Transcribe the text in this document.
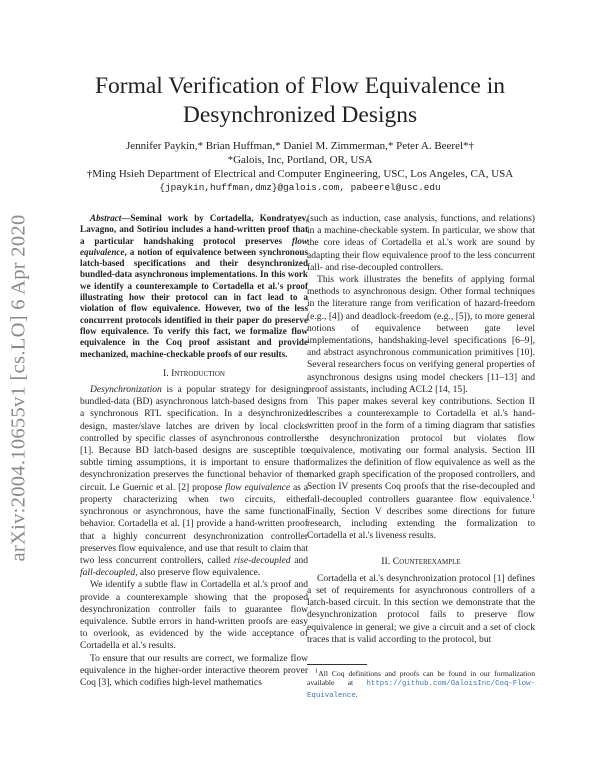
arXiv:2004.10655v1 [cs.LO] 6 Apr 2020
Formal Verification of Flow Equivalence in
Desynchronized Designs
Jennifer Paykin,* Brian Huffman,* Daniel M. Zimmerman,* Peter A. Beerel*†
*Galois, Inc, Portland, OR, USA
†Ming Hsieh Department of Electrical and Computer Engineering, USC, Los Angeles, CA, USA
{jpaykin,huffman,dmz}@galois.com, pabeerel@usc.edu

Abstract—Seminal work by Cortadella, Kondratyev, Lavagno, and Sotiriou includes a hand-written proof that a particular handshaking protocol preserves flow equivalence, a notion of equivalence between synchronous latch-based specifications and their desynchronized bundled-data asynchronous implementations. In this work we identify a counterexample to Cortadella et al.'s proof illustrating how their protocol can in fact lead to a violation of flow equivalence. However, two of the less concurrent protocols identified in their paper do preserve flow equivalence. To verify this fact, we formalize flow equivalence in the Coq proof assistant and provide mechanized, machine-checkable proofs of our results.

I. Introduction

Desynchronization is a popular strategy for designing bundled-data (BD) asynchronous latch-based designs from a synchronous RTL specification. In a desynchronized design, master/slave latches are driven by local clocks controlled by specific classes of asynchronous controllers [1]. Because BD latch-based designs are susceptible to subtle timing assumptions, it is important to ensure that desynchronization preserves the functional behavior of the circuit. Le Guernic et al. [2] propose flow equivalence as a property characterizing when two circuits, either synchronous or asynchronous, have the same functional behavior. Cortadella et al. [1] provide a hand-written proof that a highly concurrent desynchronization controller preserves flow equivalence, and use that result to claim that two less concurrent controllers, called rise-decoupled and fall-decoupled, also preserve flow equivalence.

We identify a subtle flaw in Cortadella et al.'s proof and provide a counterexample showing that the proposed desynchronization controller fails to guarantee flow equivalence. Subtle errors in hand-written proofs are easy to overlook, as evidenced by the wide acceptance of Cortadella et al.'s results.

To ensure that our results are correct, we formalize flow equivalence in the higher-order interactive theorem prover Coq [3], which codifies high-level mathematics

(such as induction, case analysis, functions, and relations) in a machine-checkable system. In particular, we show that the core ideas of Cortadella et al.'s work are sound by adapting their flow equivalence proof to the less concurrent fall- and rise-decoupled controllers.

This work illustrates the benefits of applying formal methods to asynchronous design. Other formal techniques in the literature range from verification of hazard-freedom (e.g., [4]) and deadlock-freedom (e.g., [5]), to more general notions of equivalence between gate level implementations, handshaking-level specifications [6–9], and abstract asynchronous communication primitives [10]. Several researchers focus on verifying general properties of asynchronous designs using model checkers [11–13] and proof assistants, including ACL2 [14, 15].

This paper makes several key contributions. Section II describes a counterexample to Cortadella et al.'s hand-written proof in the form of a timing diagram that satisfies the desynchronization protocol but violates flow equivalence, motivating our formal analysis. Section III formalizes the definition of flow equivalence as well as the marked graph specification of the proposed controllers, and Section IV presents Coq proofs that the rise-decoupled and fall-decoupled controllers guarantee flow equivalence.$^1$ Finally, Section V describes some directions for future research, including extending the formalization to Cortadella et al.'s liveness results.

II. Counterexample

Cortadella et al.'s desynchronization protocol [1] defines a set of requirements for asynchronous controllers of a latch-based circuit. In this section we demonstrate that the desynchronization protocol fails to preserve flow equivalence in general; we give a circuit and a set of clock traces that is valid according to the protocol, but

$^1$All Coq definitions and proofs can be found in our formalization available at https://github.com/GaloisInc/Coq-Flow-Equivalence.
